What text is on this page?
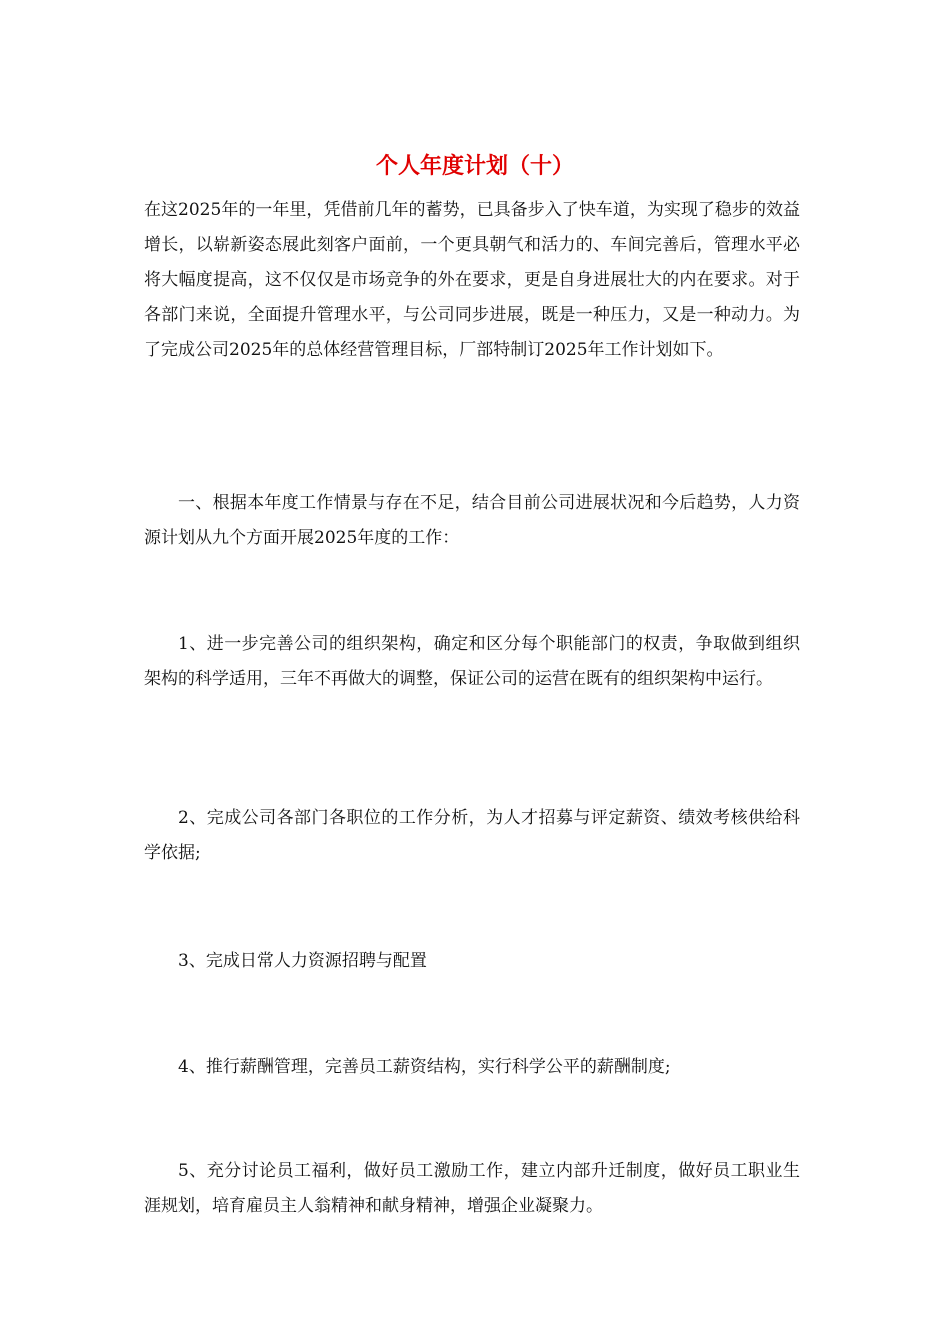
个人年度计划（十）

在这2025年的一年里，凭借前几年的蓄势，已具备步入了快车道，为实现了稳步的效益增长，以崭新姿态展此刻客户面前，一个更具朝气和活力的、车间完善后，管理水平必将大幅度提高，这不仅仅是市场竞争的外在要求，更是自身进展壮大的内在要求。对于各部门来说，全面提升管理水平，与公司同步进展，既是一种压力，又是一种动力。为了完成公司2025年的总体经营管理目标，厂部特制订2025年工作计划如下。

一、根据本年度工作情景与存在不足，结合目前公司进展状况和今后趋势，人力资源计划从九个方面开展2025年度的工作：

1、进一步完善公司的组织架构，确定和区分每个职能部门的权责，争取做到组织架构的科学适用，三年不再做大的调整，保证公司的运营在既有的组织架构中运行。

2、完成公司各部门各职位的工作分析，为人才招募与评定薪资、绩效考核供给科学依据;

3、完成日常人力资源招聘与配置

4、推行薪酬管理，完善员工薪资结构，实行科学公平的薪酬制度;

5、充分讨论员工福利，做好员工激励工作，建立内部升迁制度，做好员工职业生涯规划，培育雇员主人翁精神和献身精神，增强企业凝聚力。
